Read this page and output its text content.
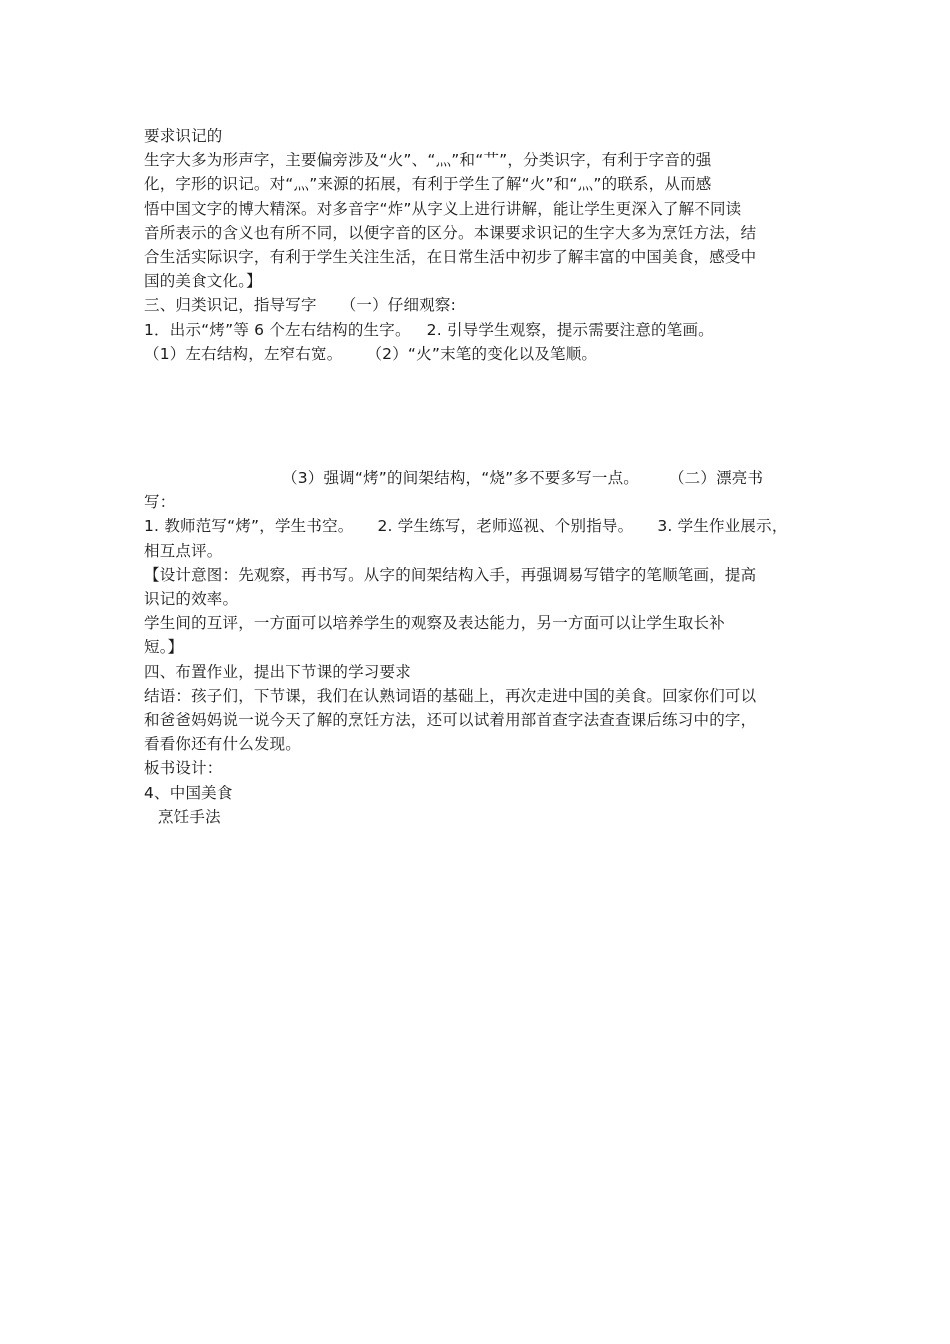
要求识记的

生字大多为形声字，主要偏旁涉及“火”、“灬”和“艹”，分类识字，有利于字音的强

化，字形的识记。对“灬”来源的拓展，有利于学生了解“火”和“灬”的联系，从而感

悟中国文字的博大精深。对多音字“炸”从字义上进行讲解，能让学生更深入了解不同读

音所表示的含义也有所不同，以便字音的区分。本课要求识记的生字大多为烹饪方法，结

合生活实际识字，有利于学生关注生活，在日常生活中初步了解丰富的中国美食，感受中

国的美食文化。】

三、归类识记，指导写字 （一）仔细观察:

1．出示“烤”等 6 个左右结构的生字。 2. 引导学生观察，提示需要注意的笔画。

（1）左右结构，左窄右宽。 （2）“火”末笔的变化以及笔顺。

（3）强调“烤”的间架结构，“烧”多不要多写一点。 （二）漂亮书

写：

1. 教师范写“烤”，学生书空。 2. 学生练写，老师巡视、个别指导。 3. 学生作业展示，

相互点评。

【设计意图：先观察，再书写。从字的间架结构入手，再强调易写错字的笔顺笔画，提高

识记的效率。

学生间的互评，一方面可以培养学生的观察及表达能力，另一方面可以让学生取长补

短。】

四、布置作业，提出下节课的学习要求

结语：孩子们，下节课，我们在认熟词语的基础上，再次走进中国的美食。回家你们可以

和爸爸妈妈说一说今天了解的烹饪方法，还可以试着用部首查字法查查课后练习中的字，

看看你还有什么发现。

板书设计：

4、中国美食

烹饪手法
